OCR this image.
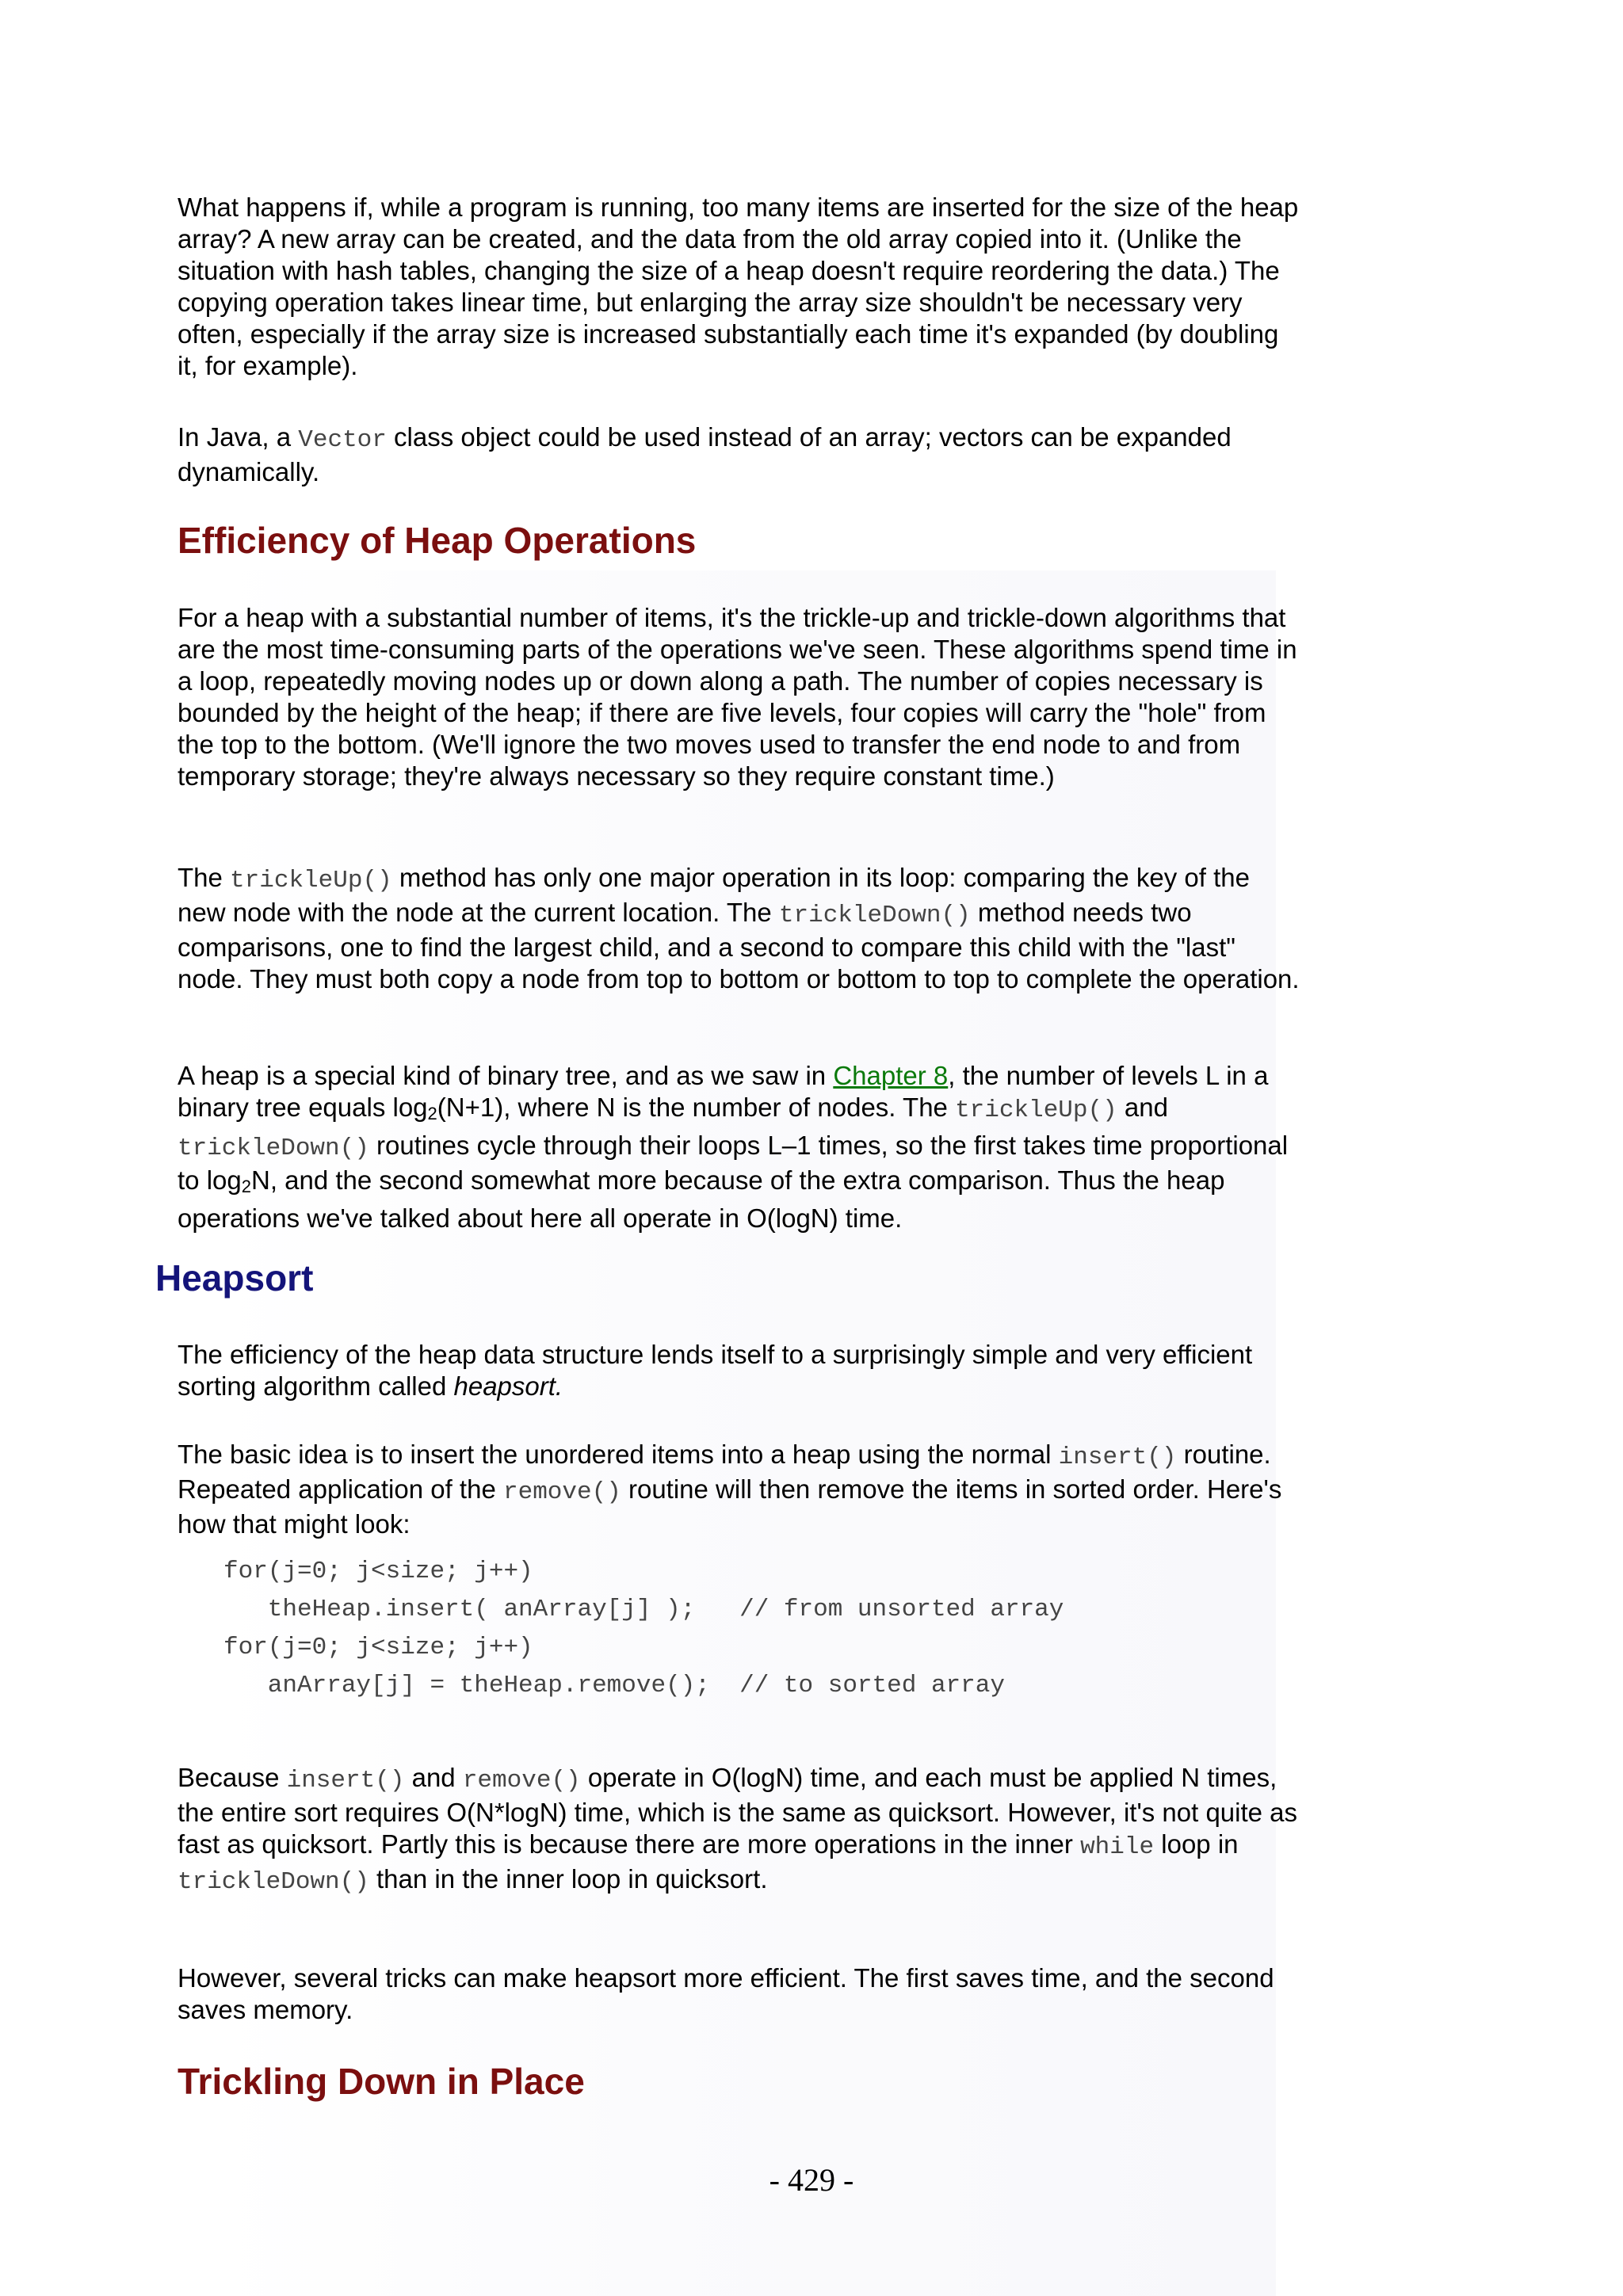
What happens if, while a program is running, too many items are inserted for the size of the heap array? A new array can be created, and the data from the old array copied into it. (Unlike the situation with hash tables, changing the size of a heap doesn't require reordering the data.) The copying operation takes linear time, but enlarging the array size shouldn't be necessary very often, especially if the array size is increased substantially each time it's expanded (by doubling it, for example).

In Java, a Vector class object could be used instead of an array; vectors can be expanded dynamically.

Efficiency of Heap Operations

For a heap with a substantial number of items, it's the trickle-up and trickle-down algorithms that are the most time-consuming parts of the operations we've seen. These algorithms spend time in a loop, repeatedly moving nodes up or down along a path. The number of copies necessary is bounded by the height of the heap; if there are five levels, four copies will carry the "hole" from the top to the bottom. (We'll ignore the two moves used to transfer the end node to and from temporary storage; they're always necessary so they require constant time.)

The trickleUp() method has only one major operation in its loop: comparing the key of the new node with the node at the current location. The trickleDown() method needs two comparisons, one to find the largest child, and a second to compare this child with the "last" node. They must both copy a node from top to bottom or bottom to top to complete the operation.

A heap is a special kind of binary tree, and as we saw in Chapter 8, the number of levels L in a binary tree equals log2(N+1), where N is the number of nodes. The trickleUp() and trickleDown() routines cycle through their loops L–1 times, so the first takes time proportional to log2N, and the second somewhat more because of the extra comparison. Thus the heap operations we've talked about here all operate in O(logN) time.

Heapsort

The efficiency of the heap data structure lends itself to a surprisingly simple and very efficient sorting algorithm called heapsort.

The basic idea is to insert the unordered items into a heap using the normal insert() routine. Repeated application of the remove() routine will then remove the items in sorted order. Here's how that might look:

for(j=0; j<size; j++)
theHeap.insert( anArray[j] );   // from unsorted array
for(j=0; j<size; j++)
anArray[j] = theHeap.remove();  // to sorted array

Because insert() and remove() operate in O(logN) time, and each must be applied N times, the entire sort requires O(N*logN) time, which is the same as quicksort. However, it's not quite as fast as quicksort. Partly this is because there are more operations in the inner while loop in trickleDown() than in the inner loop in quicksort.

However, several tricks can make heapsort more efficient. The first saves time, and the second saves memory.

Trickling Down in Place
- 429 -
